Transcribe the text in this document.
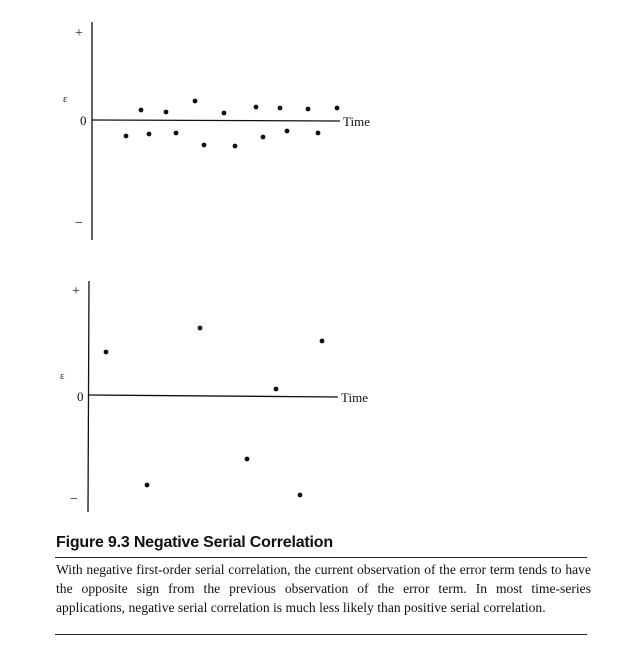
+
ε
0
−
Time
+
ε
0
−
Time
Figure 9.3 Negative Serial Correlation
With negative first-order serial correlation, the current observation of the error term tends to have the opposite sign from the previous observation of the error term. In most time-series applications, negative serial correlation is much less likely than positive serial correlation.
